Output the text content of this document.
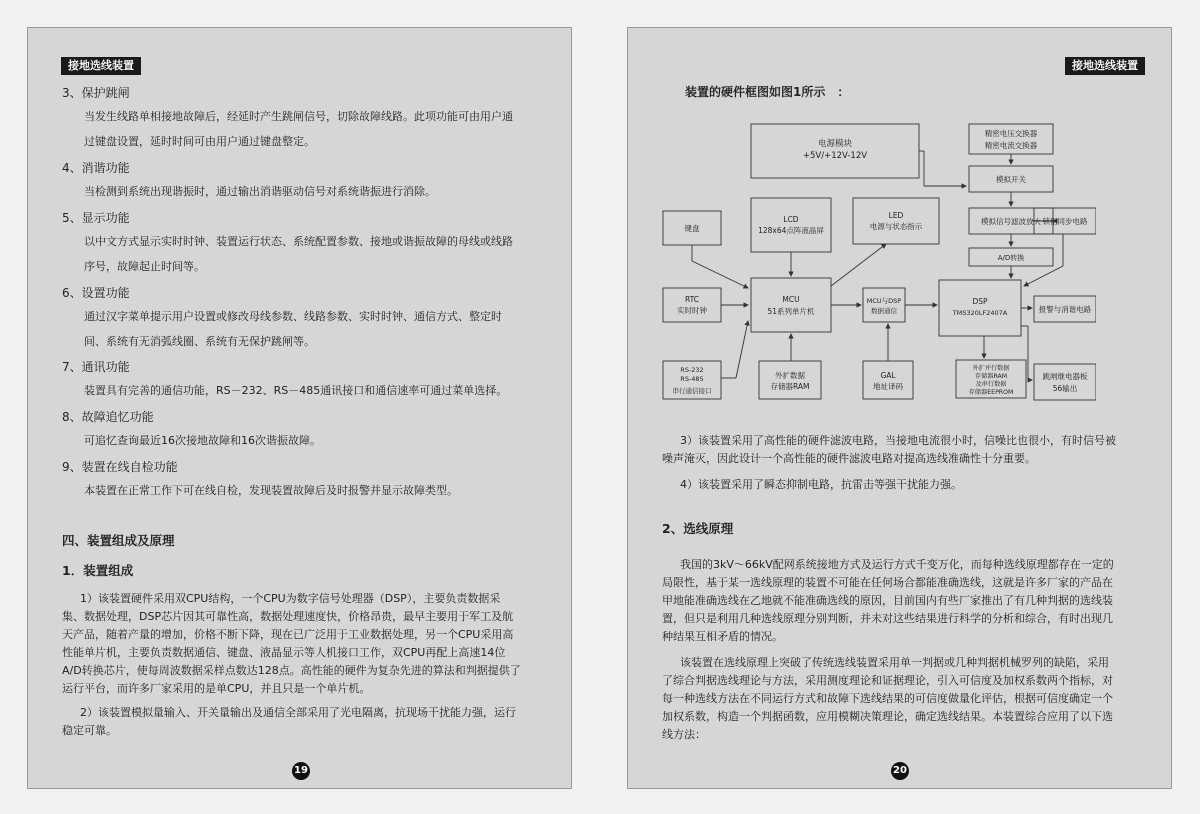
接地选线装置
3、保护跳闸
当发生线路单相接地故障后，经延时产生跳闸信号，切除故障线路。此项功能可由用户通
过键盘设置，延时时间可由用户通过键盘整定。
4、消谐功能
当检测到系统出现谐振时，通过输出消谐驱动信号对系统谐振进行消除。
5、显示功能
以中文方式显示实时时钟、装置运行状态、系统配置参数、接地或谐振故障的母线或线路
序号，故障起止时间等。
6、设置功能
通过汉字菜单提示用户设置或修改母线参数、线路参数、实时时钟、通信方式、整定时
间、系统有无消弧线圈、系统有无保护跳闸等。
7、通讯功能
装置具有完善的通信功能，RS－232、RS－485通讯接口和通信速率可通过菜单选择。
8、故障追忆功能
可追忆查询最近16次接地故障和16次谐振故障。
9、装置在线自检功能
本装置在正常工作下可在线自检，发现装置故障后及时报警并显示故障类型。
四、装置组成及原理
1．装置组成
1）该装置硬件采用双CPU结构，一个CPU为数字信号处理器（DSP），主要负责数据采
集、数据处理，DSP芯片因其可靠性高，数据处理速度快，价格昂贵，最早主要用于军工及航
天产品，随着产量的增加，价格不断下降，现在已广泛用于工业数据处理，另一个CPU采用高
性能单片机，主要负责数据通信、键盘、液晶显示等人机接口工作，双CPU再配上高速14位
A/D转换芯片，使每周波数据采样点数达128点。高性能的硬件为复杂先进的算法和判据提供了
运行平台，而许多厂家采用的是单CPU，并且只是一个单片机。
2）该装置模拟量输入、开关量输出及通信全部采用了光电隔离，抗现场干扰能力强，运行
稳定可靠。
19
接地选线装置
装置的硬件框图如图1所示　：
电源模块
+5V/+12V-12V
LCD
128x64点阵液晶屏
LED
电源与状态指示
键盘
RTC
实时时钟
MCU
51系列单片机
MCU与DSP
数据通信
DSP
TMS320LF2407A
RS-232
RS-485
串行通信接口
外扩数据
存储器RAM
GAL
地址译码
外扩并行数据
存储器RAM
及串行数据
存储器EEPROM
精密电压交换器
精密电流交换器
模拟开关
模拟信号滤波放大
A/D转换
锁相同步电路
报警与消谐电路
跳闸继电器板
56输出
3）该装置采用了高性能的硬件滤波电路，当接地电流很小时，信噪比也很小，有时信号被
噪声淹灭，因此设计一个高性能的硬件滤波电路对提高选线准确性十分重要。
4）该装置采用了瞬态抑制电路，抗雷击等强干扰能力强。
2、选线原理
我国的3kV～66kV配网系统接地方式及运行方式千变万化，而每种选线原理都存在一定的
局限性，基于某一选线原理的装置不可能在任何场合都能准确选线，这就是许多厂家的产品在
甲地能准确选线在乙地就不能准确选线的原因，目前国内有些厂家推出了有几种判据的选线装
置，但只是利用几种选线原理分别判断，并未对这些结果进行科学的分析和综合，有时出现几
种结果互相矛盾的情况。
该装置在选线原理上突破了传统选线装置采用单一判据或几种判据机械罗列的缺陷，采用
了综合判据选线理论与方法，采用测度理论和证据理论，引入可信度及加权系数两个指标，对
每一种选线方法在不同运行方式和故障下选线结果的可信度做量化评估，根据可信度确定一个
加权系数，构造一个判据函数，应用模糊决策理论，确定选线结果。本装置综合应用了以下选
线方法：
20
